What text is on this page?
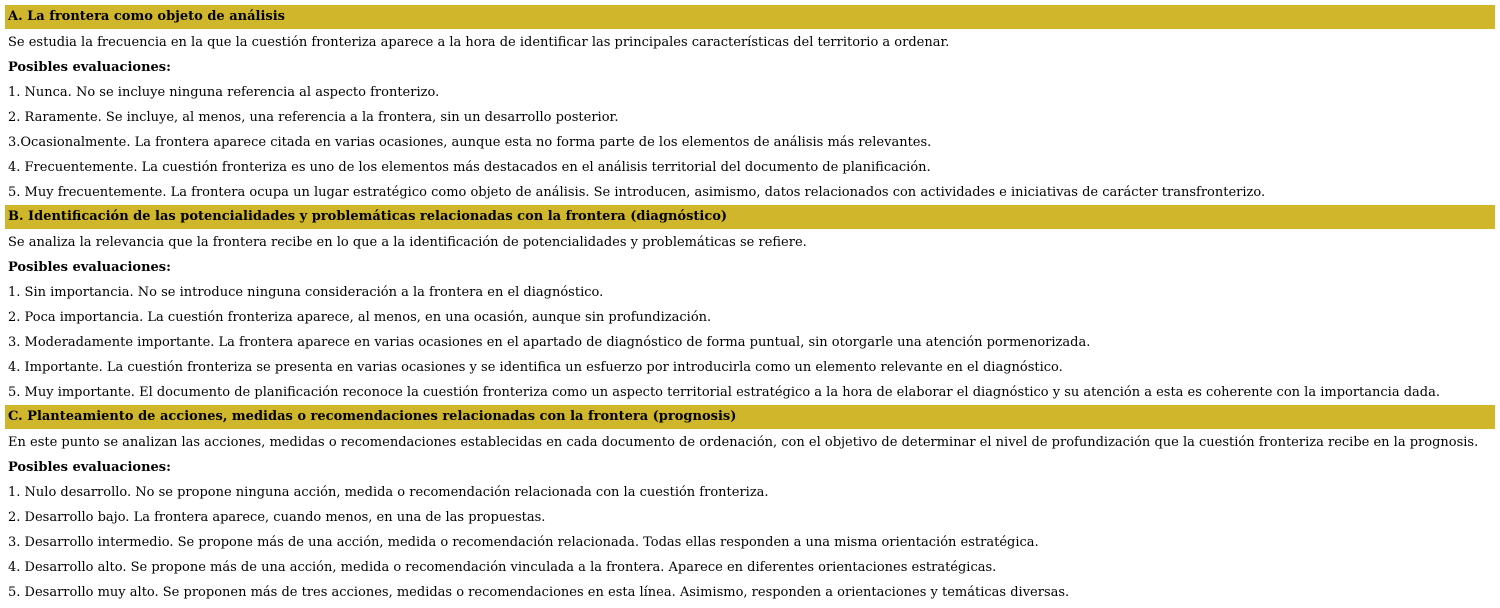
A. La frontera como objeto de análisis
Se estudia la frecuencia en la que la cuestión fronteriza aparece a la hora de identificar las principales características del territorio a ordenar.
Posibles evaluaciones:
1. Nunca. No se incluye ninguna referencia al aspecto fronterizo.
2. Raramente. Se incluye, al menos, una referencia a la frontera, sin un desarrollo posterior.
3.Ocasionalmente. La frontera aparece citada en varias ocasiones, aunque esta no forma parte de los elementos de análisis más relevantes.
4. Frecuentemente. La cuestión fronteriza es uno de los elementos más destacados en el análisis territorial del documento de planificación.
5. Muy frecuentemente. La frontera ocupa un lugar estratégico como objeto de análisis. Se introducen, asimismo, datos relacionados con actividades e iniciativas de carácter transfronterizo.
B. Identificación de las potencialidades y problemáticas relacionadas con la frontera (diagnóstico)
Se analiza la relevancia que la frontera recibe en lo que a la identificación de potencialidades y problemáticas se refiere.
Posibles evaluaciones:
1. Sin importancia. No se introduce ninguna consideración a la frontera en el diagnóstico.
2. Poca importancia. La cuestión fronteriza aparece, al menos, en una ocasión, aunque sin profundización.
3. Moderadamente importante. La frontera aparece en varias ocasiones en el apartado de diagnóstico de forma puntual, sin otorgarle una atención pormenorizada.
4. Importante. La cuestión fronteriza se presenta en varias ocasiones y se identifica un esfuerzo por introducirla como un elemento relevante en el diagnóstico.
5. Muy importante. El documento de planificación reconoce la cuestión fronteriza como un aspecto territorial estratégico a la hora de elaborar el diagnóstico y su atención a esta es coherente con la importancia dada.
C. Planteamiento de acciones, medidas o recomendaciones relacionadas con la frontera (prognosis)
En este punto se analizan las acciones, medidas o recomendaciones establecidas en cada documento de ordenación, con el objetivo de determinar el nivel de profundización que la cuestión fronteriza recibe en la prognosis.
Posibles evaluaciones:
1. Nulo desarrollo. No se propone ninguna acción, medida o recomendación relacionada con la cuestión fronteriza.
2. Desarrollo bajo. La frontera aparece, cuando menos, en una de las propuestas.
3. Desarrollo intermedio. Se propone más de una acción, medida o recomendación relacionada. Todas ellas responden a una misma orientación estratégica.
4. Desarrollo alto. Se propone más de una acción, medida o recomendación vinculada a la frontera. Aparece en diferentes orientaciones estratégicas.
5. Desarrollo muy alto. Se proponen más de tres acciones, medidas o recomendaciones en esta línea. Asimismo, responden a orientaciones y temáticas diversas.
